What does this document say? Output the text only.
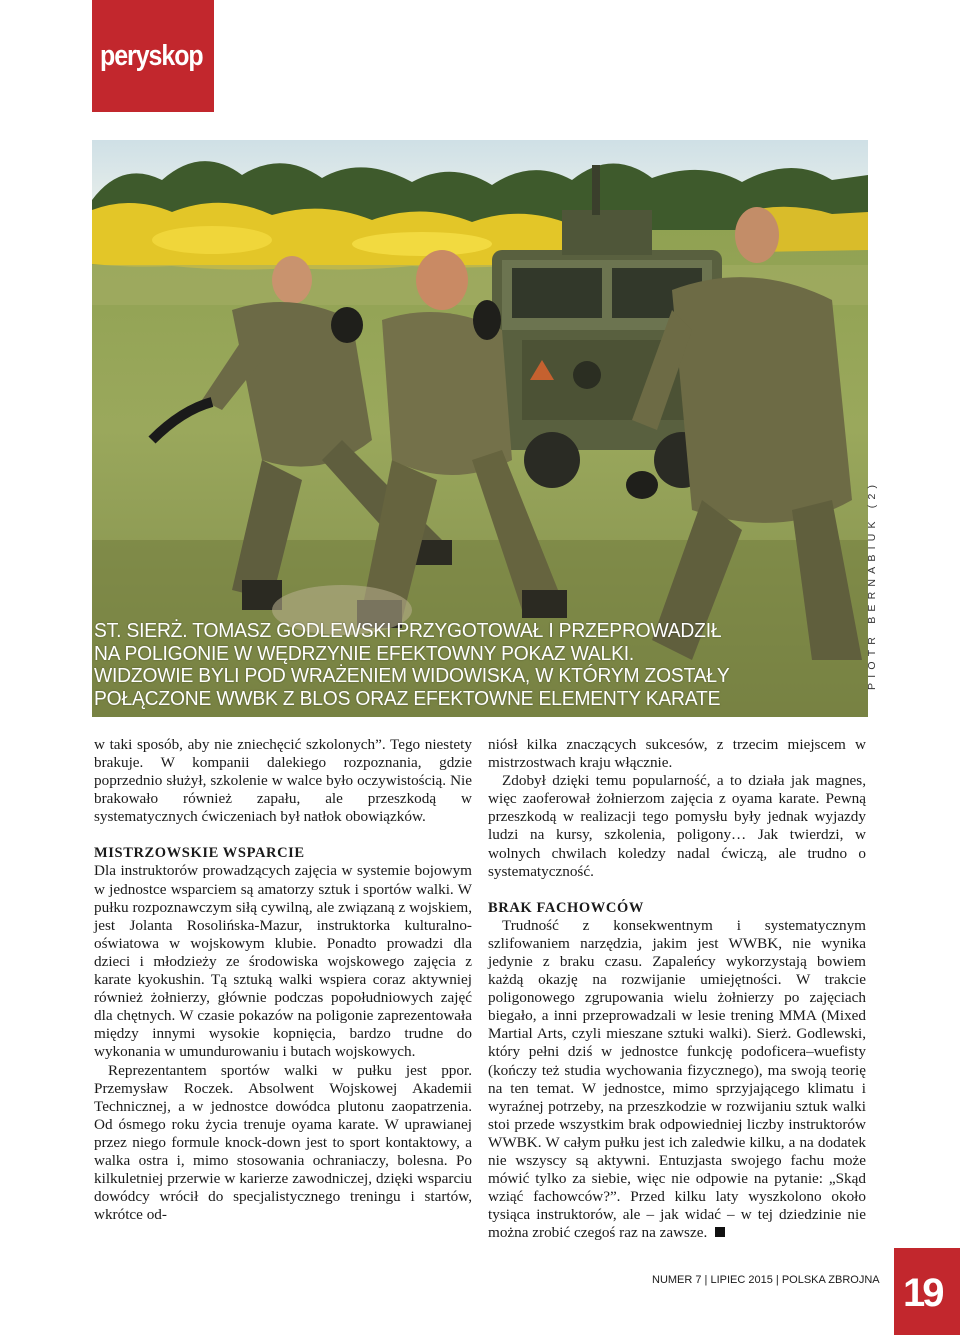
peryskop
ST. SIERŻ. TOMASZ GODLEWSKI PRZYGOTOWAŁ I PRZEPROWADZIŁ
NA POLIGONIE W WĘDRZYNIE EFEKTOWNY POKAZ WALKI.
WIDZOWIE BYLI POD WRAŻENIEM WIDOWISKA, W KTÓRYM ZOSTAŁY
POŁĄCZONE WWBK Z BLOS ORAZ EFEKTOWNE ELEMENTY KARATE
PIOTR BERNABIUK (2)

w taki sposób, aby nie zniechęcić szkolonych”. Tego niestety brakuje. W kompanii dalekiego rozpoznania, gdzie poprzednio służył, szkolenie w walce było oczywistością. Nie brakowało również zapału, ale przeszkodą w systematycznych ćwiczeniach był natłok obowiązków.

MISTRZOWSKIE WSPARCIE

Dla instruktorów prowadzących zajęcia w systemie bojowym w jednostce wsparciem są amatorzy sztuk i sportów walki. W pułku rozpoznawczym siłą cywilną, ale związaną z wojskiem, jest Jolanta Rosolińska-Mazur, instruktorka kulturalno-oświatowa w wojskowym klubie. Ponadto prowadzi dla dzieci i młodzieży ze środowiska wojskowego zajęcia z karate kyokushin. Tą sztuką walki wspiera coraz aktywniej również żołnierzy, głównie podczas popołudniowych zajęć dla chętnych. W czasie pokazów na poligonie zaprezentowała między innymi wysokie kopnięcia, bardzo trudne do wykonania w umundurowaniu i butach wojskowych.

Reprezentantem sportów walki w pułku jest ppor. Przemysław Roczek. Absolwent Wojskowej Akademii Technicznej, a w jednostce dowódca plutonu zaopatrzenia. Od ósmego roku życia trenuje oyama karate. W uprawianej przez niego formule knock-down jest to sport kontaktowy, a walka ostra i, mimo stosowania ochraniaczy, bolesna. Po kilkuletniej przerwie w karierze zawodniczej, dzięki wsparciu dowódcy wrócił do specjalistycznego treningu i startów, wkrótce od-

niósł kilka znaczących sukcesów, z trzecim miejscem w mistrzostwach kraju włącznie.

Zdobył dzięki temu popularność, a to działa jak magnes, więc zaoferował żołnierzom zajęcia z oyama karate. Pewną przeszkodą w realizacji tego pomysłu były jednak wyjazdy ludzi na kursy, szkolenia, poligony… Jak twierdzi, w wolnych chwilach koledzy nadal ćwiczą, ale trudno o systematyczność.

BRAK FACHOWCÓW

Trudność z konsekwentnym i systematycznym szlifowaniem narzędzia, jakim jest WWBK, nie wynika jedynie z braku czasu. Zapaleńcy wykorzystają bowiem każdą okazję na rozwijanie umiejętności. W trakcie poligonowego zgrupowania wielu żołnierzy po zajęciach biegało, a inni przeprowadzali w lesie trening MMA (Mixed Martial Arts, czyli mieszane sztuki walki). Sierż. Godlewski, który pełni dziś w jednostce funkcję podoficera–wuefisty (kończy też studia wychowania fizycznego), ma swoją teorię na ten temat. W jednostce, mimo sprzyjającego klimatu i wyraźnej potrzeby, na przeszkodzie w rozwijaniu sztuk walki stoi przede wszystkim brak odpowiedniej liczby instruktorów WWBK. W całym pułku jest ich zaledwie kilku, a na dodatek nie wszyscy są aktywni. Entuzjasta swojego fachu może mówić tylko za siebie, więc nie odpowie na pytanie: „Skąd wziąć fachowców?”. Przed kilku laty wyszkolono około tysiąca instruktorów, ale – jak widać – w tej dziedzinie nie można zrobić czegoś raz na zawsze.

NUMER 7 | LIPIEC 2015 | POLSKA ZBROJNA 19
